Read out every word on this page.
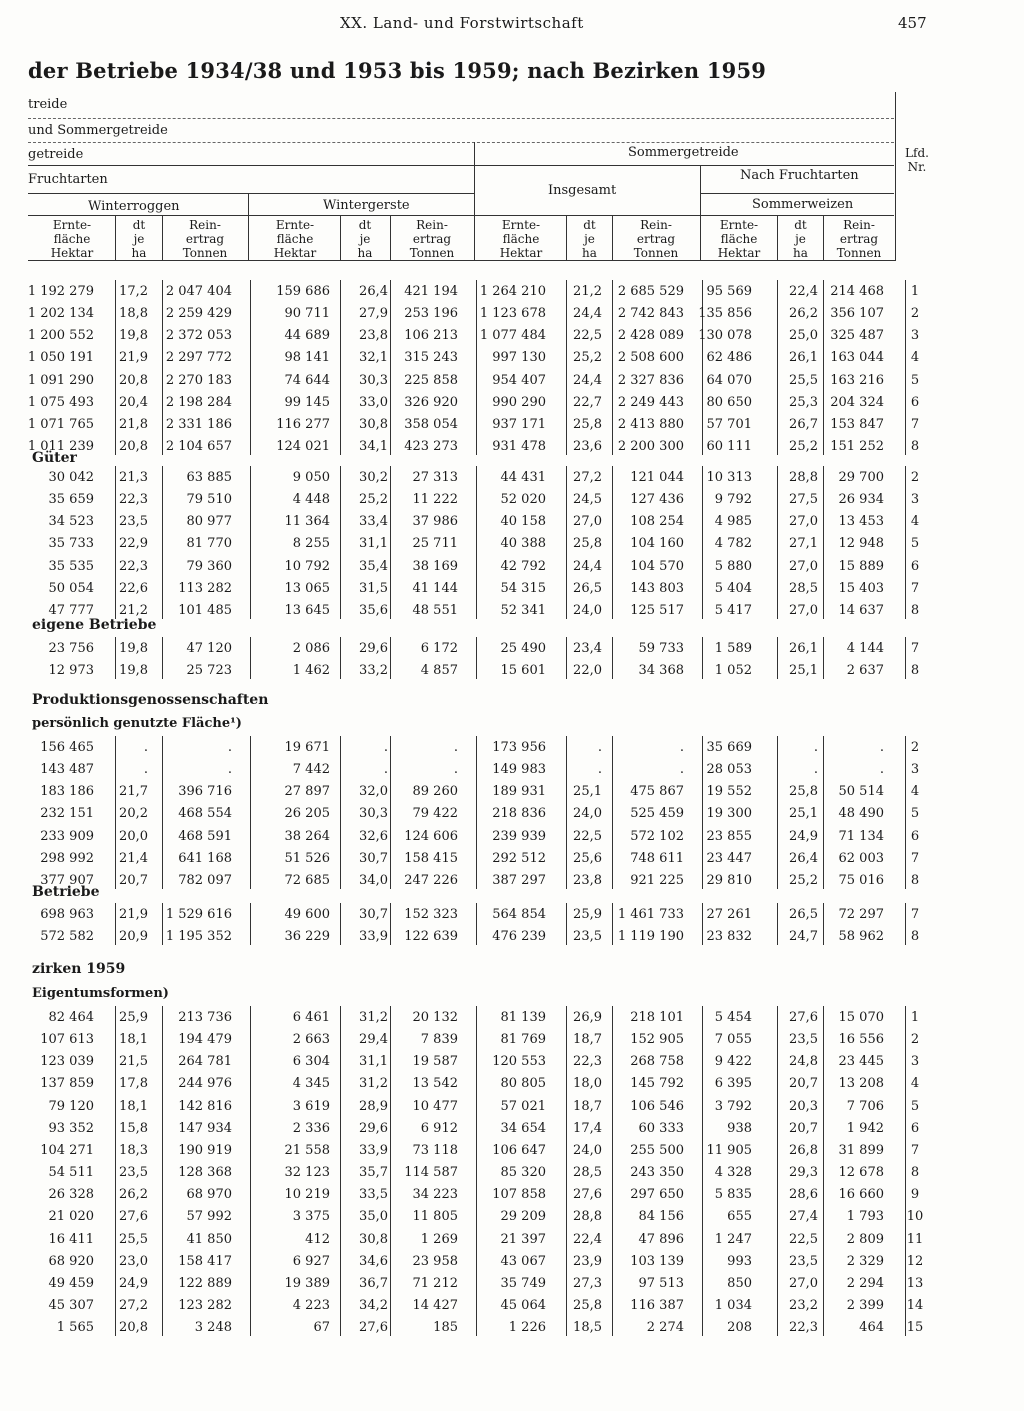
XX. Land- und Forstwirtschaft	457
der Betriebe 1934/38 und 1953 bis 1959; nach Bezirken 1959
treide
und Sommergetreide
getreide
Fruchtarten
Sommergetreide	Lfd.
Nr.
Insgesamt
Nach Fruchtarten
Winterroggen	Wintergerste	Sommerweizen
Ernte-
fläche
Hektar
dt
je
ha
Rein-
ertrag
Tonnen
Ernte-
fläche
Hektar
dt
je
ha
Rein-
ertrag
Tonnen
Ernte-
fläche
Hektar
dt
je
ha
Rein-
ertrag
Tonnen
Ernte-
fläche
Hektar
dt
je
ha
Rein-
ertrag
Tonnen
1 192 279	17,2	2 047 404	159 686	26,4	421 194	1 264 210	21,2	2 685 529	95 569	22,4 214 468	1
1 202 134	18,8	2 259 429	90 711	27,9	253 196	1 123 678	24,4	2 742 843	135 856	26,2 356 107	2
1 200 552	19,8	2 372 053	44 689	23,8	106 213	1 077 484	22,5	2 428 089	130 078	25,0 325 487	3
1 050 191	21,9	2 297 772	98 141	32,1	315 243	997 130	25,2	2 508 600	62 486	26,1 163 044	4
1 091 290	20,8	2 270 183	74 644	30,3	225 858	954 407	24,4	2 327 836	64 070	25,5 163 216	5
1 075 493	20,4	2 198 284	99 145	33,0	326 920	990 290	22,7	2 249 443	80 650	25,3 204 324	6
1 071 765	21,8	2 331 186	116 277	30,8	358 054	937 171	25,8	2 413 880	57 701	26,7 153 847	7
1 011 239	20,8	2 104 657	124 021	34,1	423 273	931 478	23,6	2 200 300	60 111	25,2 151 252	8
Güter
30 042	21,3	63 885	9 050	30,2	27 313	44 431	27,2	121 044	10 313	28,8	29 700	2
35 659	22,3	79 510	4 448	25,2	11 222	52 020	24,5	127 436	9 792	27,5	26 934	3
34 523	23,5	80 977	11 364	33,4	37 986	40 158	27,0	108 254	4 985	27,0	13 453	4
35 733	22,9	81 770	8 255	31,1	25 711	40 388	25,8	104 160	4 782	27,1	12 948	5
35 535	22,3	79 360	10 792	35,4	38 169	42 792	24,4	104 570	5 880	27,0	15 889	6
50 054	22,6	113 282	13 065	31,5	41 144	54 315	26,5	143 803	5 404	28,5	15 403	7
47 777	21,2	101 485	13 645	35,6	48 551	52 341	24,0	125 517	5 417	27,0	14 637	8
eigene Betriebe
23 756	19,8	47 120	2 086	29,6	6 172	25 490	23,4	59 733	1 589	26,1	4 144	7
12 973	19,8	25 723	1 462	33,2	4 857	15 601	22,0	34 368	1 052	25,1	2 637	8
Produktionsgenossenschaften
persönlich genutzte Fläche¹)
156 465	.	.	19 671	.	.	173 956	.	.	35 669	.	.	2
143 487	.	.	7 442	.	.	149 983	.	.	28 053	.	.	3
183 186	21,7	396 716	27 897	32,0	89 260	189 931	25,1	475 867	19 552	25,8	50 514	4
232 151	20,2	468 554	26 205	30,3	79 422	218 836	24,0	525 459	19 300	25,1	48 490	5
233 909	20,0	468 591	38 264	32,6	124 606	239 939	22,5	572 102	23 855	24,9	71 134	6
298 992	21,4	641 168	51 526	30,7	158 415	292 512	25,6	748 611	23 447	26,4	62 003	7
377 907	20,7	782 097	72 685	34,0	247 226	387 297	23,8	921 225	29 810	25,2	75 016	8
Betriebe
698 963	21,9	1 529 616	49 600	30,7	152 323	564 854	25,9	1 461 733	27 261	26,5	72 297	7
572 582	20,9	1 195 352	36 229	33,9	122 639	476 239	23,5	1 119 190	23 832	24,7	58 962	8
zirken 1959
Eigentumsformen)
82 464	25,9	213 736	6 461	31,2	20 132	81 139	26,9	218 101	5 454	27,6	15 070	1
107 613	18,1	194 479	2 663	29,4	7 839	81 769	18,7	152 905	7 055	23,5	16 556	2
123 039	21,5	264 781	6 304	31,1	19 587	120 553	22,3	268 758	9 422	24,8	23 445	3
137 859	17,8	244 976	4 345	31,2	13 542	80 805	18,0	145 792	6 395	20,7	13 208	4
79 120	18,1	142 816	3 619	28,9	10 477	57 021	18,7	106 546	3 792	20,3	7 706	5
93 352	15,8	147 934	2 336	29,6	6 912	34 654	17,4	60 333	938	20,7	1 942	6
104 271	18,3	190 919	21 558	33,9	73 118	106 647	24,0	255 500	11 905	26,8	31 899	7
54 511	23,5	128 368	32 123	35,7	114 587	85 320	28,5	243 350	4 328	29,3	12 678	8
26 328	26,2	68 970	10 219	33,5	34 223	107 858	27,6	297 650	5 835	28,6	16 660	9
21 020	27,6	57 992	3 375	35,0	11 805	29 209	28,8	84 156	655	27,4	1 793	10
16 411	25,5	41 850	412	30,8	1 269	21 397	22,4	47 896	1 247	22,5	2 809	11
68 920	23,0	158 417	6 927	34,6	23 958	43 067	23,9	103 139	993	23,5	2 329	12
49 459	24,9	122 889	19 389	36,7	71 212	35 749	27,3	97 513	850	27,0	2 294	13
45 307	27,2	123 282	4 223	34,2	14 427	45 064	25,8	116 387	1 034	23,2	2 399	14
1 565	20,8	3 248	67	27,6	185	1 226	18,5	2 274	208	22,3	464	15
